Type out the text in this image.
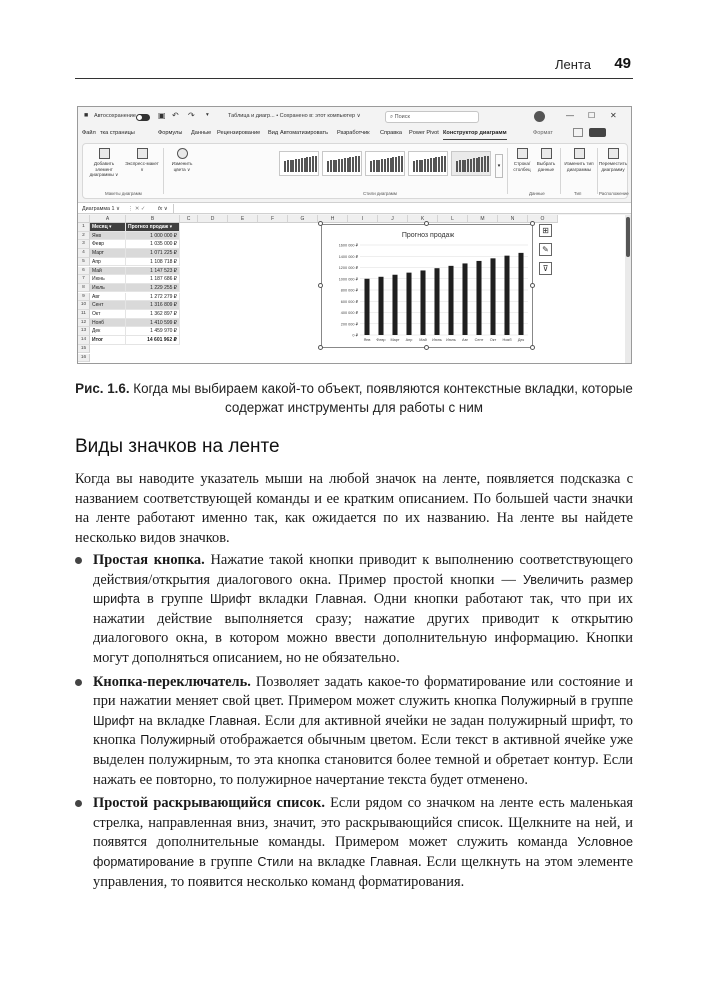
Лента 49
■ Автосохранение	▣ ↶ ↷ ▾	Таблица и диагр... • Сохранено в: этот компьютер ∨	⌕ Поиск	— ☐ ✕
Файл тка страницы	Формулы Данные Рецензирование Вид Автоматизировать Разработчик Справка Power Pivot Конструктор диаграмм	Формат
Добавить элемент диаграммы ∨
Экспресс-макет ∨
Макеты диаграмм
Изменить цвета ∨	▾
Стили диаграмм
Строка/ столбец
Выбрать данные
Данные
Изменить тип диаграммы
Тип
Переместить диаграмму
Расположение
Диаграмма 1 ∨ ⋮ ✕ ✓ fx ∨
A	B	C	D	E	F	G	H	I	J	K	L	M	N	O
1
2
3
4
5
6
7
8
9
10
11
12
13
14
15
16
Месяц ▾	Прогноз продаж ▾
Янв	1 000 000 ₽
Февр	1 035 000 ₽
Март	1 071 225 ₽
Апр	1 108 718 ₽
Май	1 147 523 ₽
Июнь	1 187 686 ₽
Июль	1 229 255 ₽
Авг	1 272 279 ₽
Сент	1 316 809 ₽
Окт	1 362 897 ₽
Нояб	1 410 599 ₽
Дек	1 459 970 ₽
Итог	14 601 962 ₽
Прогноз продаж
0 ₽
200 000 ₽
400 000 ₽
600 000 ₽
800 000 ₽
1000 000 ₽
1200 000 ₽
1400 000 ₽
1600 000 ₽
Янв Февр Март Апр Май Июнь Июль Авг Сент Окт Нояб Дек
⊞
✎
⊽
Рис. 1.6. Когда мы выбираем какой-то объект, появляются контекстные вкладки, которые содержат инструменты для работы с ним
Виды значков на ленте

Когда вы наводите указатель мыши на любой значок на ленте, появляется подсказка с названием соответствующей команды и ее кратким описанием. По большей части значки на ленте работают именно так, как ожидается по их названию. На ленте вы найдете несколько видов значков.

Простая кнопка. Нажатие такой кнопки приводит к выполнению соответствующего действия/открытия диалогового окна. Пример простой кнопки — Увеличить размер шрифта в группе Шрифт вкладки Главная. Одни кнопки работают так, что при их нажатии действие выполняется сразу; нажатие других приводит к открытию диалогового окна, в котором можно ввести дополнительную информацию. Кнопки могут дополняться описанием, но не обязательно.
Кнопка-переключатель. Позволяет задать какое-то форматирование или состояние и при нажатии меняет свой цвет. Примером может служить кнопка Полужирный в группе Шрифт на вкладке Главная. Если для активной ячейки не задан полужирный шрифт, то кнопка Полужирный отображается обычным цветом. Если текст в активной ячейке уже выделен полужирным, то эта кнопка становится более темной и обретает контур. Если нажать ее повторно, то полужирное начертание текста будет отменено.
Простой раскрывающийся список. Если рядом со значком на ленте есть маленькая стрелка, направленная вниз, значит, это раскрывающийся список. Щелкните на ней, и появятся дополнительные команды. Примером может служить команда Условное форматирование в группе Стили на вкладке Главная. Если щелкнуть на этом элементе управления, то появится несколько команд форматирования.
